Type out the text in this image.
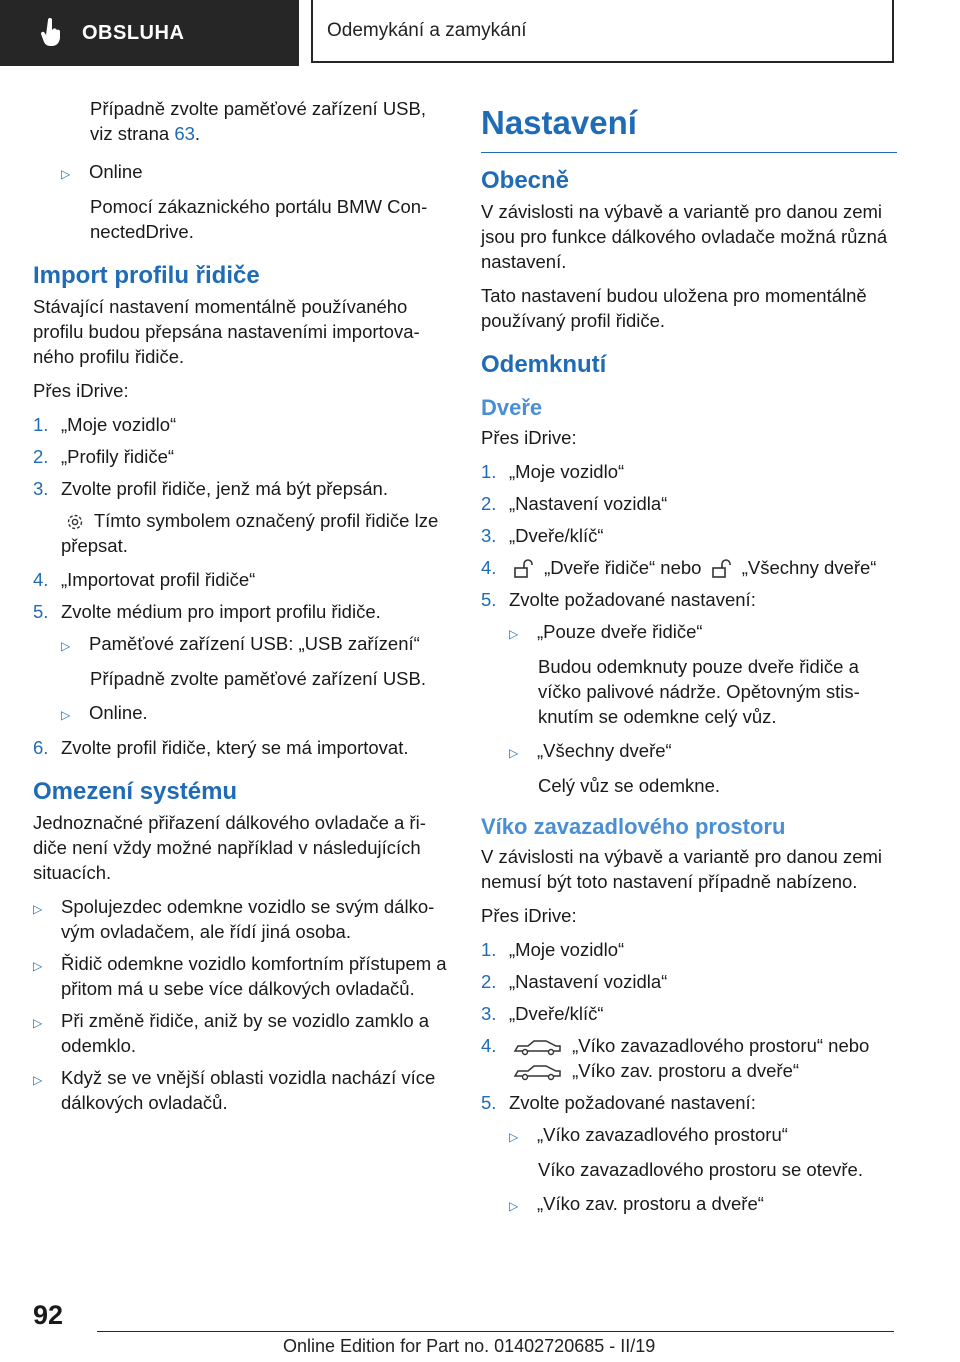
OBSLUHA	Odemykání a zamykání

Případně zvolte paměťové zařízení USB,
viz strana 63.

▷	Online

Pomocí zákaznického portálu BMW Con-nectedDrive.

Import profilu řidiče

Stávající nastavení momentálně používaného profilu budou přepsána nastaveními importova-ného profilu řidiče.

Přes iDrive:

1. „Moje vozidlo“
2. „Profily řidiče“
3. Zvolte profil řidiče, jenž má být přepsán.

Tímto symbolem označený profil řidiče lze přepsat.

4. „Importovat profil řidiče“
5. Zvolte médium pro import profilu řidiče.
▷	Paměťové zařízení USB: „USB zařízení“

Případně zvolte paměťové zařízení USB.

▷	Online.
6. Zvolte profil řidiče, který se má importovat.
Omezení systému

Jednoznačné přiřazení dálkového ovladače a ři-diče není vždy možné například v následujících situacích.

▷	Spolujezdec odemkne vozidlo se svým dálko-vým ovladačem, ale řídí jiná osoba.
▷	Řidič odemkne vozidlo komfortním přístupem a přitom má u sebe více dálkových ovladačů.
▷	Při změně řidiče, aniž by se vozidlo zamklo a odemklo.
▷	Když se ve vnější oblasti vozidla nachází více dálkových ovladačů.
Nastavení
Obecně

V závislosti na výbavě a variantě pro danou zemi jsou pro funkce dálkového ovladače možná různá nastavení.

Tato nastavení budou uložena pro momentálně používaný profil řidiče.

Odemknutí
Dveře

Přes iDrive:

1. „Moje vozidlo“
2. „Nastavení vozidla“
3. „Dveře/klíč“
4.	„Dveře řidiče“ nebo „Všechny dveře“
5. Zvolte požadované nastavení:
▷	„Pouze dveře řidiče“

Budou odemknuty pouze dveře řidiče a víčko palivové nádrže. Opětovným stis-knutím se odemkne celý vůz.

▷	„Všechny dveře“

Celý vůz se odemkne.

Víko zavazadlového prostoru

V závislosti na výbavě a variantě pro danou zemi nemusí být toto nastavení případně nabízeno.

Přes iDrive:

1. „Moje vozidlo“
2. „Nastavení vozidla“
3. „Dveře/klíč“
4.	„Víko zavazadlového prostoru“ nebo
„Víko zav. prostoru a dveře“
5. Zvolte požadované nastavení:
▷	„Víko zavazadlového prostoru“

Víko zavazadlového prostoru se otevře.

▷	„Víko zav. prostoru a dveře“
92
Online Edition for Part no. 01402720685 - II/19
